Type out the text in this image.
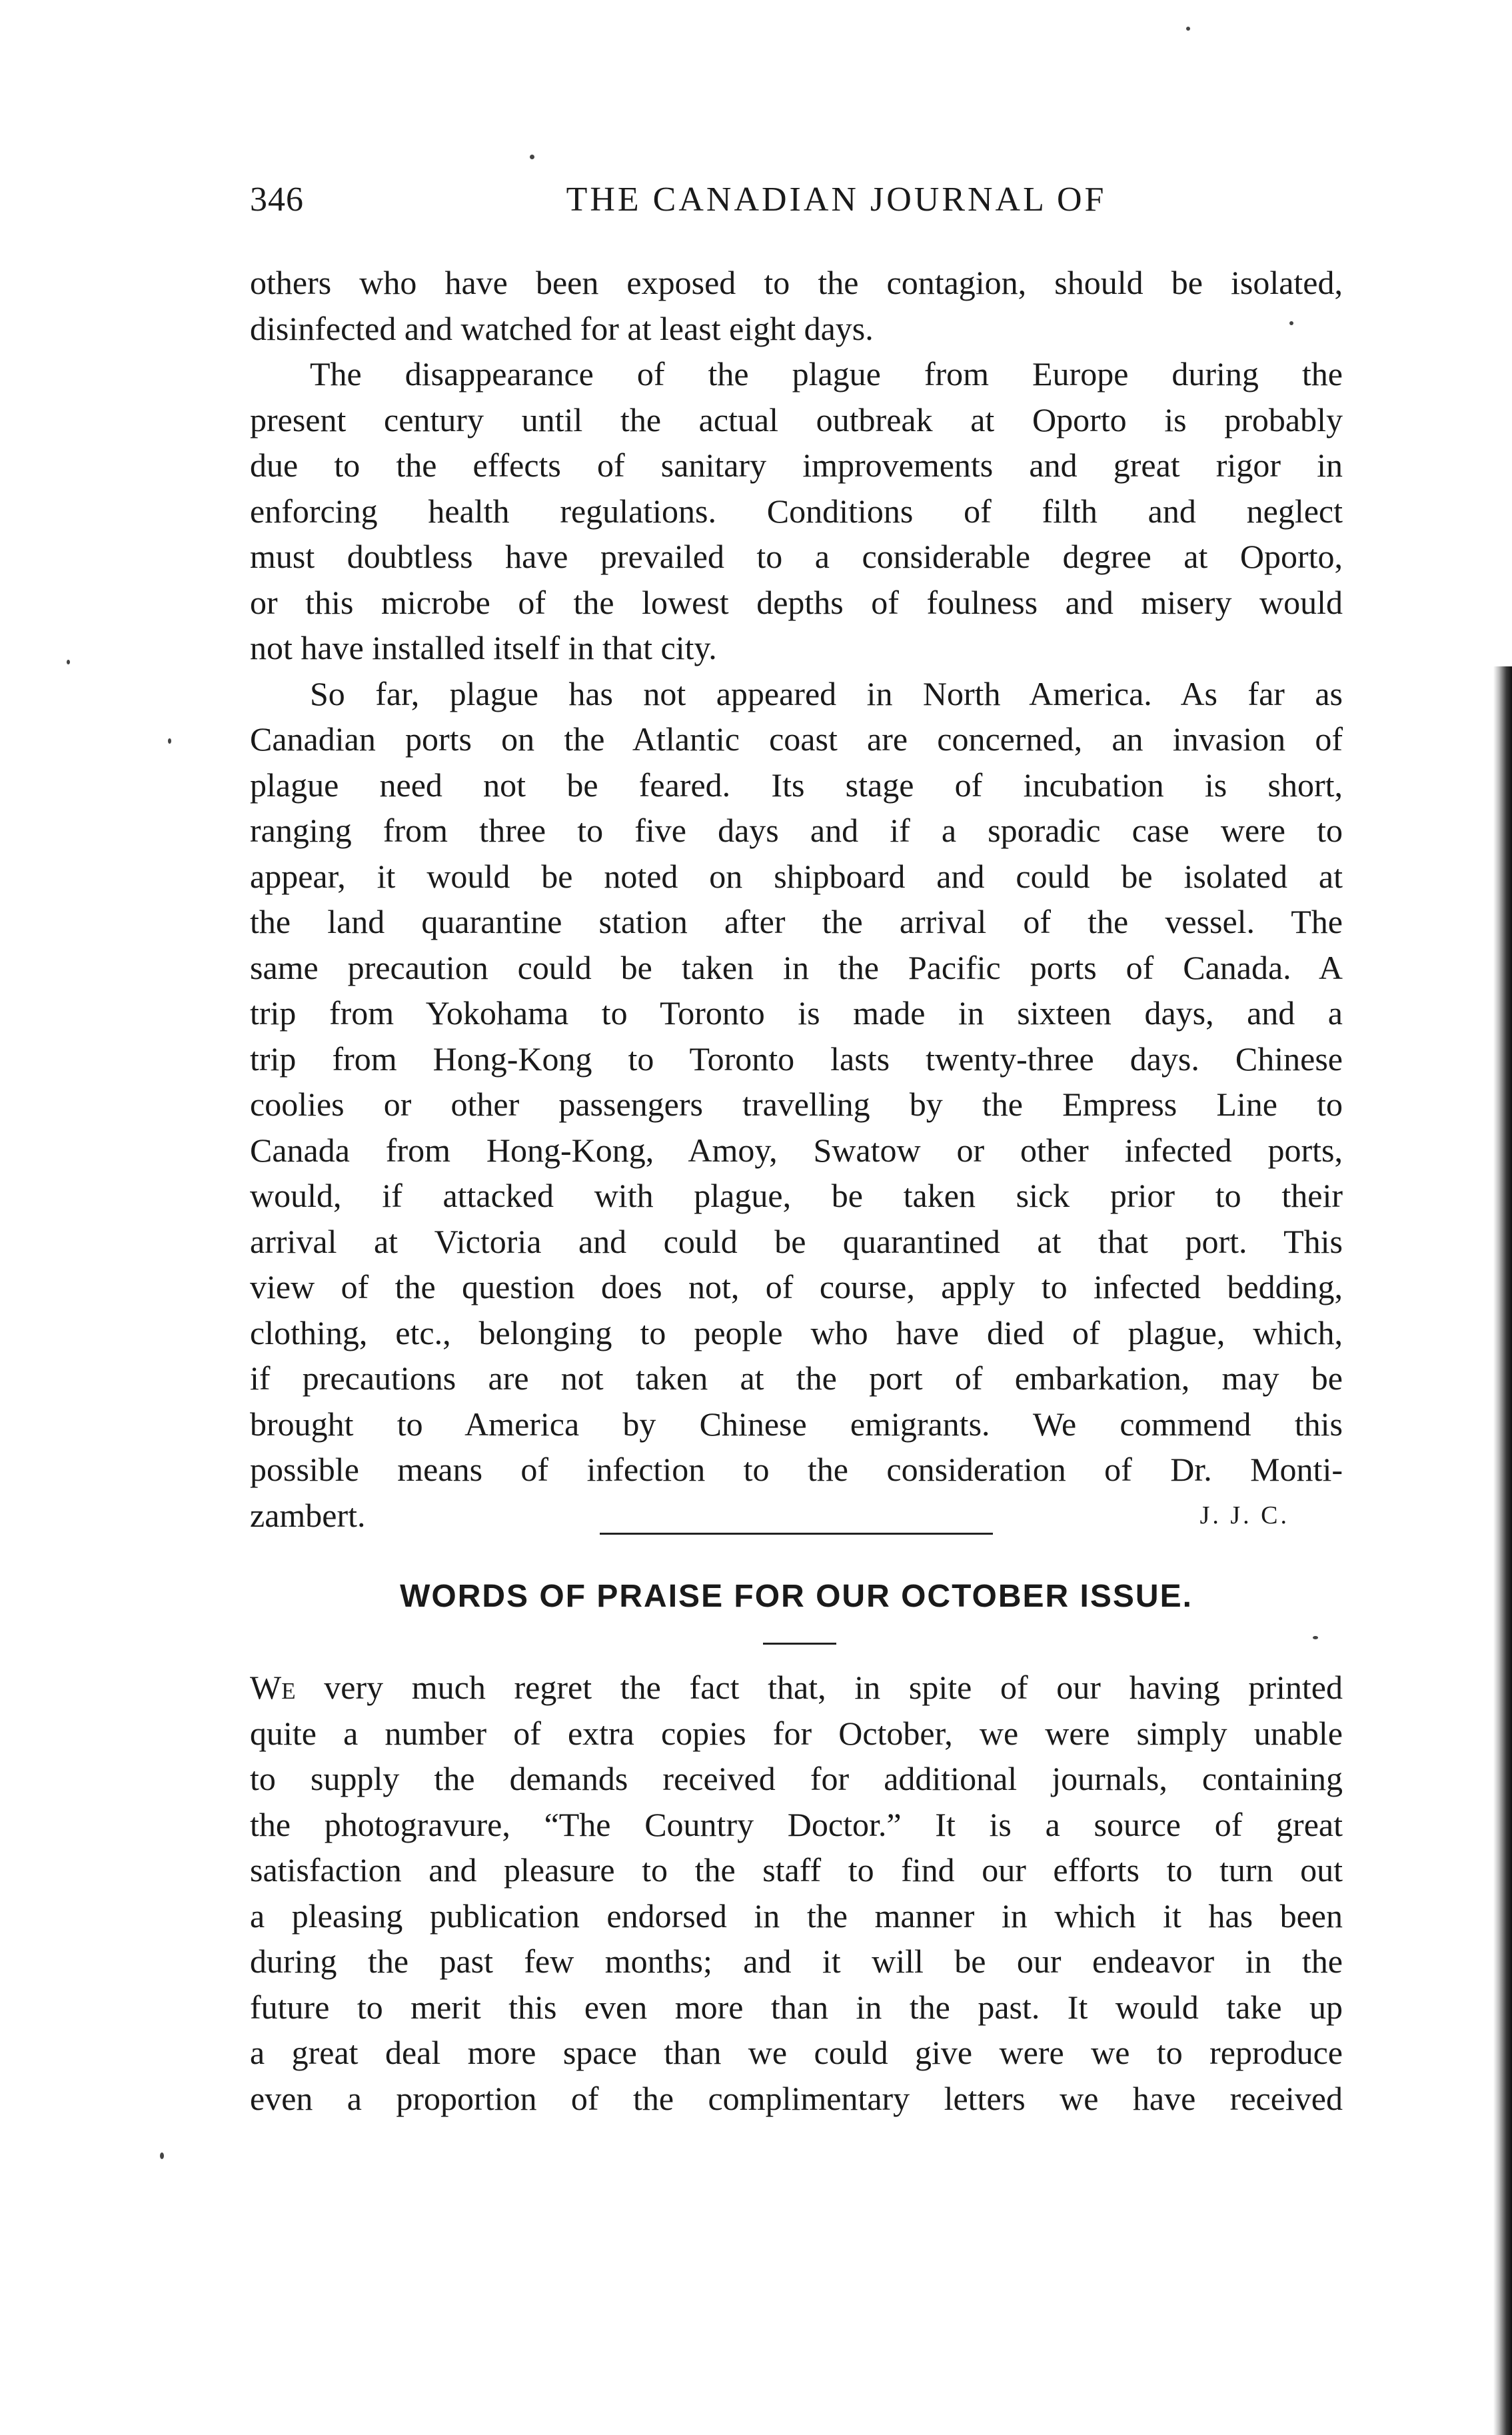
346	THE CANADIAN JOURNAL OF
others who have been exposed to the contagion, should be isolated,
disinfected and watched for at least eight days.
The disappearance of the plague from Europe during the
present century until the actual outbreak at Oporto is probably
due to the effects of sanitary improvements and great rigor in
enforcing health regulations. Conditions of filth and neglect
must doubtless have prevailed to a considerable degree at Oporto,
or this microbe of the lowest depths of foulness and misery would
not have installed itself in that city.
So far, plague has not appeared in North America. As far as
Canadian ports on the Atlantic coast are concerned, an invasion of
plague need not be feared. Its stage of incubation is short,
ranging from three to five days and if a sporadic case were to
appear, it would be noted on shipboard and could be isolated at
the land quarantine station after the arrival of the vessel. The
same precaution could be taken in the Pacific ports of Canada. A
trip from Yokohama to Toronto is made in sixteen days, and a
trip from Hong-Kong to Toronto lasts twenty-three days. Chinese
coolies or other passengers travelling by the Empress Line to
Canada from Hong-Kong, Amoy, Swatow or other infected ports,
would, if attacked with plague, be taken sick prior to their
arrival at Victoria and could be quarantined at that port. This
view of the question does not, of course, apply to infected bedding,
clothing, etc., belonging to people who have died of plague, which,
if precautions are not taken at the port of embarkation, may be
brought to America by Chinese emigrants. We commend this
possible means of infection to the consideration of Dr. Monti-
zambert.	J. J. C.
WORDS OF PRAISE FOR OUR OCTOBER ISSUE.
We very much regret the fact that, in spite of our having printed
quite a number of extra copies for October, we were simply unable
to supply the demands received for additional journals, containing
the photogravure, “The Country Doctor.” It is a source of great
satisfaction and pleasure to the staff to find our efforts to turn out
a pleasing publication endorsed in the manner in which it has been
during the past few months; and it will be our endeavor in the
future to merit this even more than in the past. It would take up
a great deal more space than we could give were we to reproduce
even a proportion of the complimentary letters we have received
